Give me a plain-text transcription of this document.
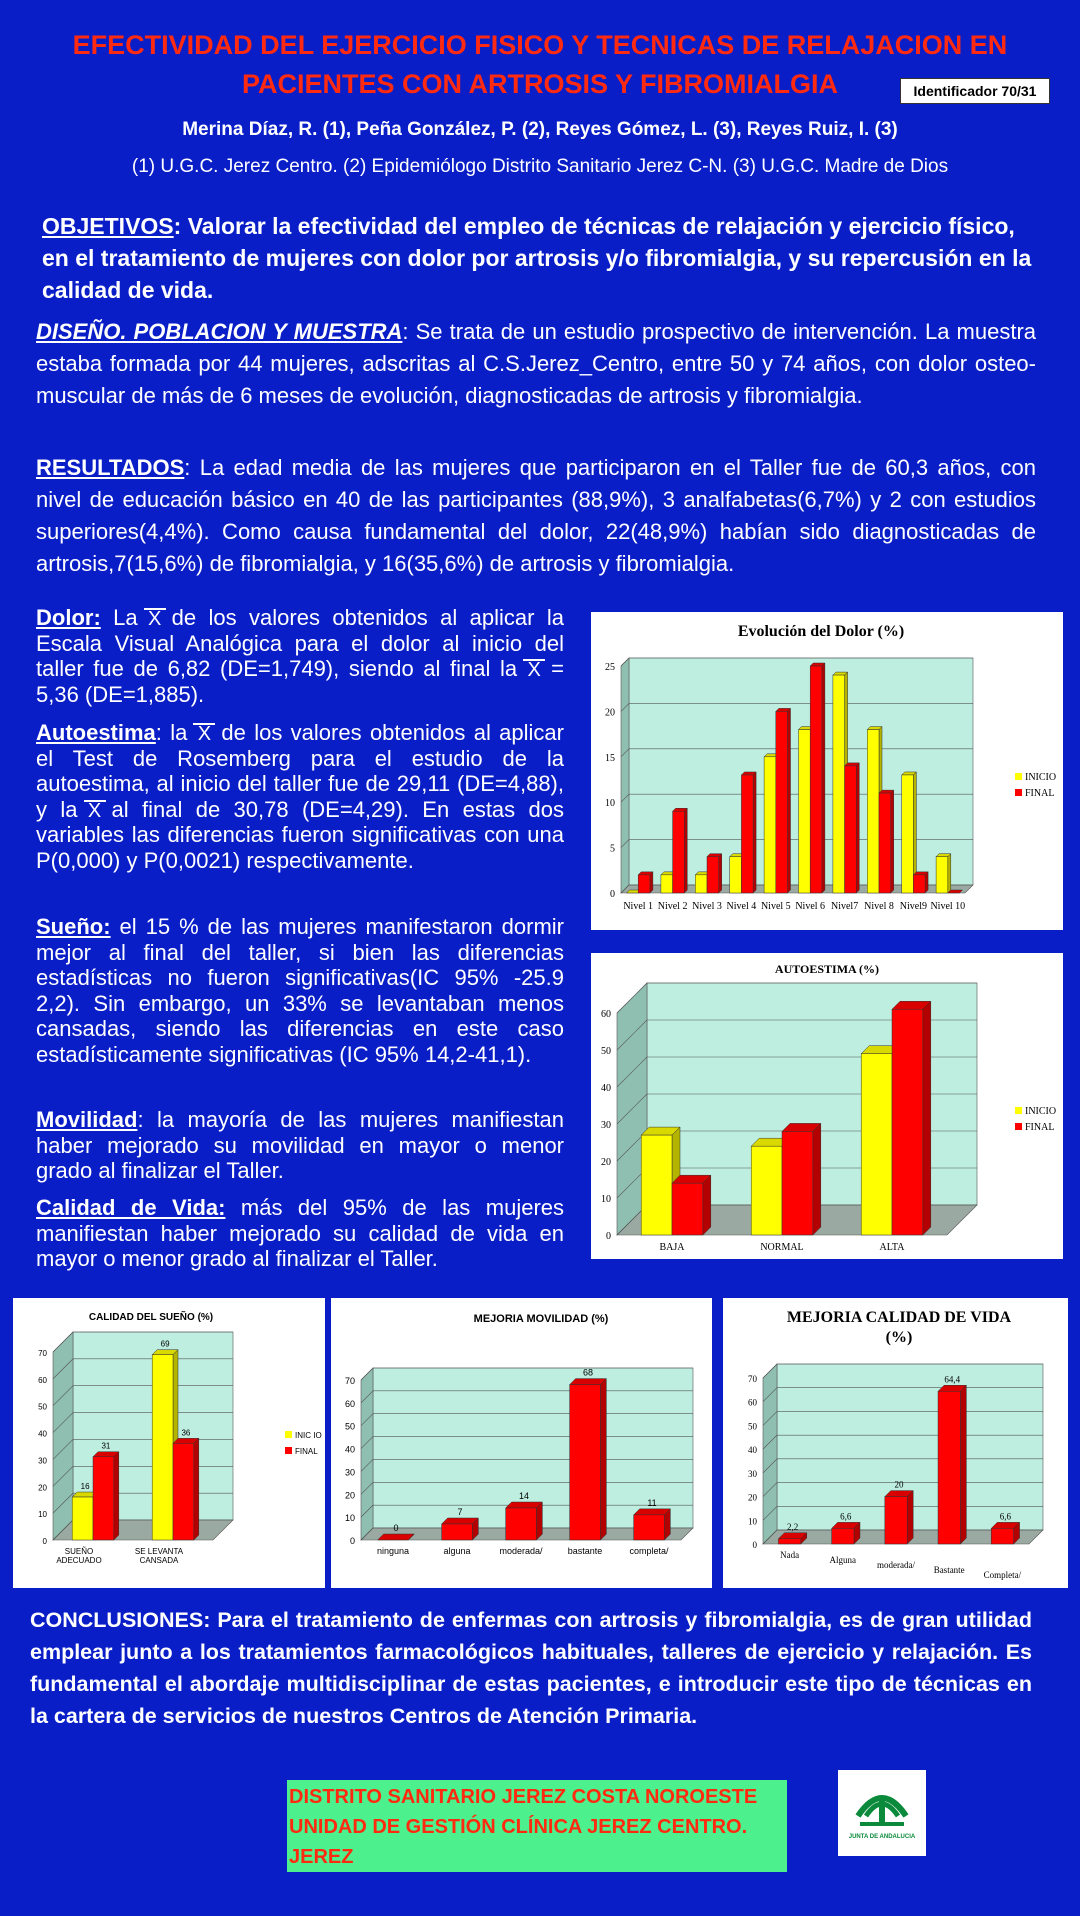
EFECTIVIDAD DEL EJERCICIO FISICO Y TECNICAS DE RELAJACION EN PACIENTES CON ARTROSIS Y FIBROMIALGIA	Identificador 70/31
Merina Díaz, R. (1), Peña González, P. (2), Reyes Gómez, L. (3), Reyes Ruiz, I. (3)
(1) U.G.C. Jerez Centro. (2) Epidemiólogo Distrito Sanitario Jerez C-N. (3) U.G.C. Madre de Dios
OBJETIVOS: Valorar la efectividad del empleo de técnicas de relajación y ejercicio físico, en el tratamiento de mujeres con dolor por artrosis y/o fibromialgia, y su repercusión en la calidad de vida.
DISEÑO. POBLACION Y MUESTRA: Se trata de un estudio prospectivo de intervención. La muestra estaba formada por 44 mujeres, adscritas al C.S.Jerez_Centro, entre 50 y 74 años, con dolor osteo-muscular de más de 6 meses de evolución, diagnosticadas de artrosis y fibromialgia.
RESULTADOS: La edad media de las mujeres que participaron en el Taller fue de 60,3 años, con nivel de educación básico en 40 de las participantes (88,9%), 3 analfabetas(6,7%) y 2 con estudios superiores(4,4%). Como causa fundamental del dolor, 22(48,9%) habían sido diagnosticadas de artrosis,7(15,6%) de fibromialgia, y 16(35,6%) de artrosis y fibromialgia.
Dolor: La X de los valores obtenidos al aplicar la Escala Visual Analógica para el dolor al inicio del taller fue de 6,82 (DE=1,749), siendo al final la X = 5,36 (DE=1,885).
Autoestima: la X de los valores obtenidos al aplicar el Test de Rosemberg para el estudio de la autoestima, al inicio del taller fue de 29,11 (DE=4,88), y la X al final de 30,78 (DE=4,29). En estas dos variables las diferencias fueron significativas con una P(0,000) y P(0,0021) respectivamente.
Sueño: el 15 % de las mujeres manifestaron dormir mejor al final del taller, si bien las diferencias estadísticas no fueron significativas(IC 95% -25.9 2,2). Sin embargo, un 33% se levantaban menos cansadas, siendo las diferencias en este caso estadísticamente significativas (IC 95% 14,2-41,1).
Movilidad: la mayoría de las mujeres manifiestan haber mejorado su movilidad en mayor o menor grado al finalizar el Taller.
Calidad de Vida: más del 95% de las mujeres manifiestan haber mejorado su calidad de vida en mayor o menor grado al finalizar el Taller.
Evolución del Dolor (%)
0
5
10
15
20
25
Nivel 1 Nivel 2 Nivel 3 Nivel 4 Nivel 5 Nivel 6 Nivel7 Nivel 8 Nivel9 Nivel 10
INICIO
FINAL
AUTOESTIMA (%)
0
10
20
30
40
50
60
BAJA	NORMAL	ALTA
INICIO
FINAL
CALIDAD DEL SUEÑO (%)
0
10
20
30
40
50
60
70
16
31
SUEÑO ADECUADO
69
36
SE LEVANTA CANSADA
INIC IO
FINAL
MEJORIA MOVILIDAD (%)
0
10
20
30
40
50
60
70
0
ninguna
7
alguna
14
moderada/
68
bastante
11
completa/
MEJORIA CALIDAD DE VIDA (%)
0
10
20
30
40
50
60
70
2,2
Nada
6,6
Alguna
20
moderada/
64,4
Bastante
6,6
Completa/
CONCLUSIONES: Para el tratamiento de enfermas con artrosis y fibromialgia, es de gran utilidad emplear junto a los tratamientos farmacológicos habituales, talleres de ejercicio y relajación. Es fundamental el abordaje multidisciplinar de estas pacientes, e introducir este tipo de técnicas en la cartera de servicios de nuestros Centros de Atención Primaria.
DISTRITO SANITARIO JEREZ COSTA NOROESTE
UNIDAD DE GESTIÓN CLÍNICA JEREZ CENTRO.
JEREZ
JUNTA DE ANDALUCIA
